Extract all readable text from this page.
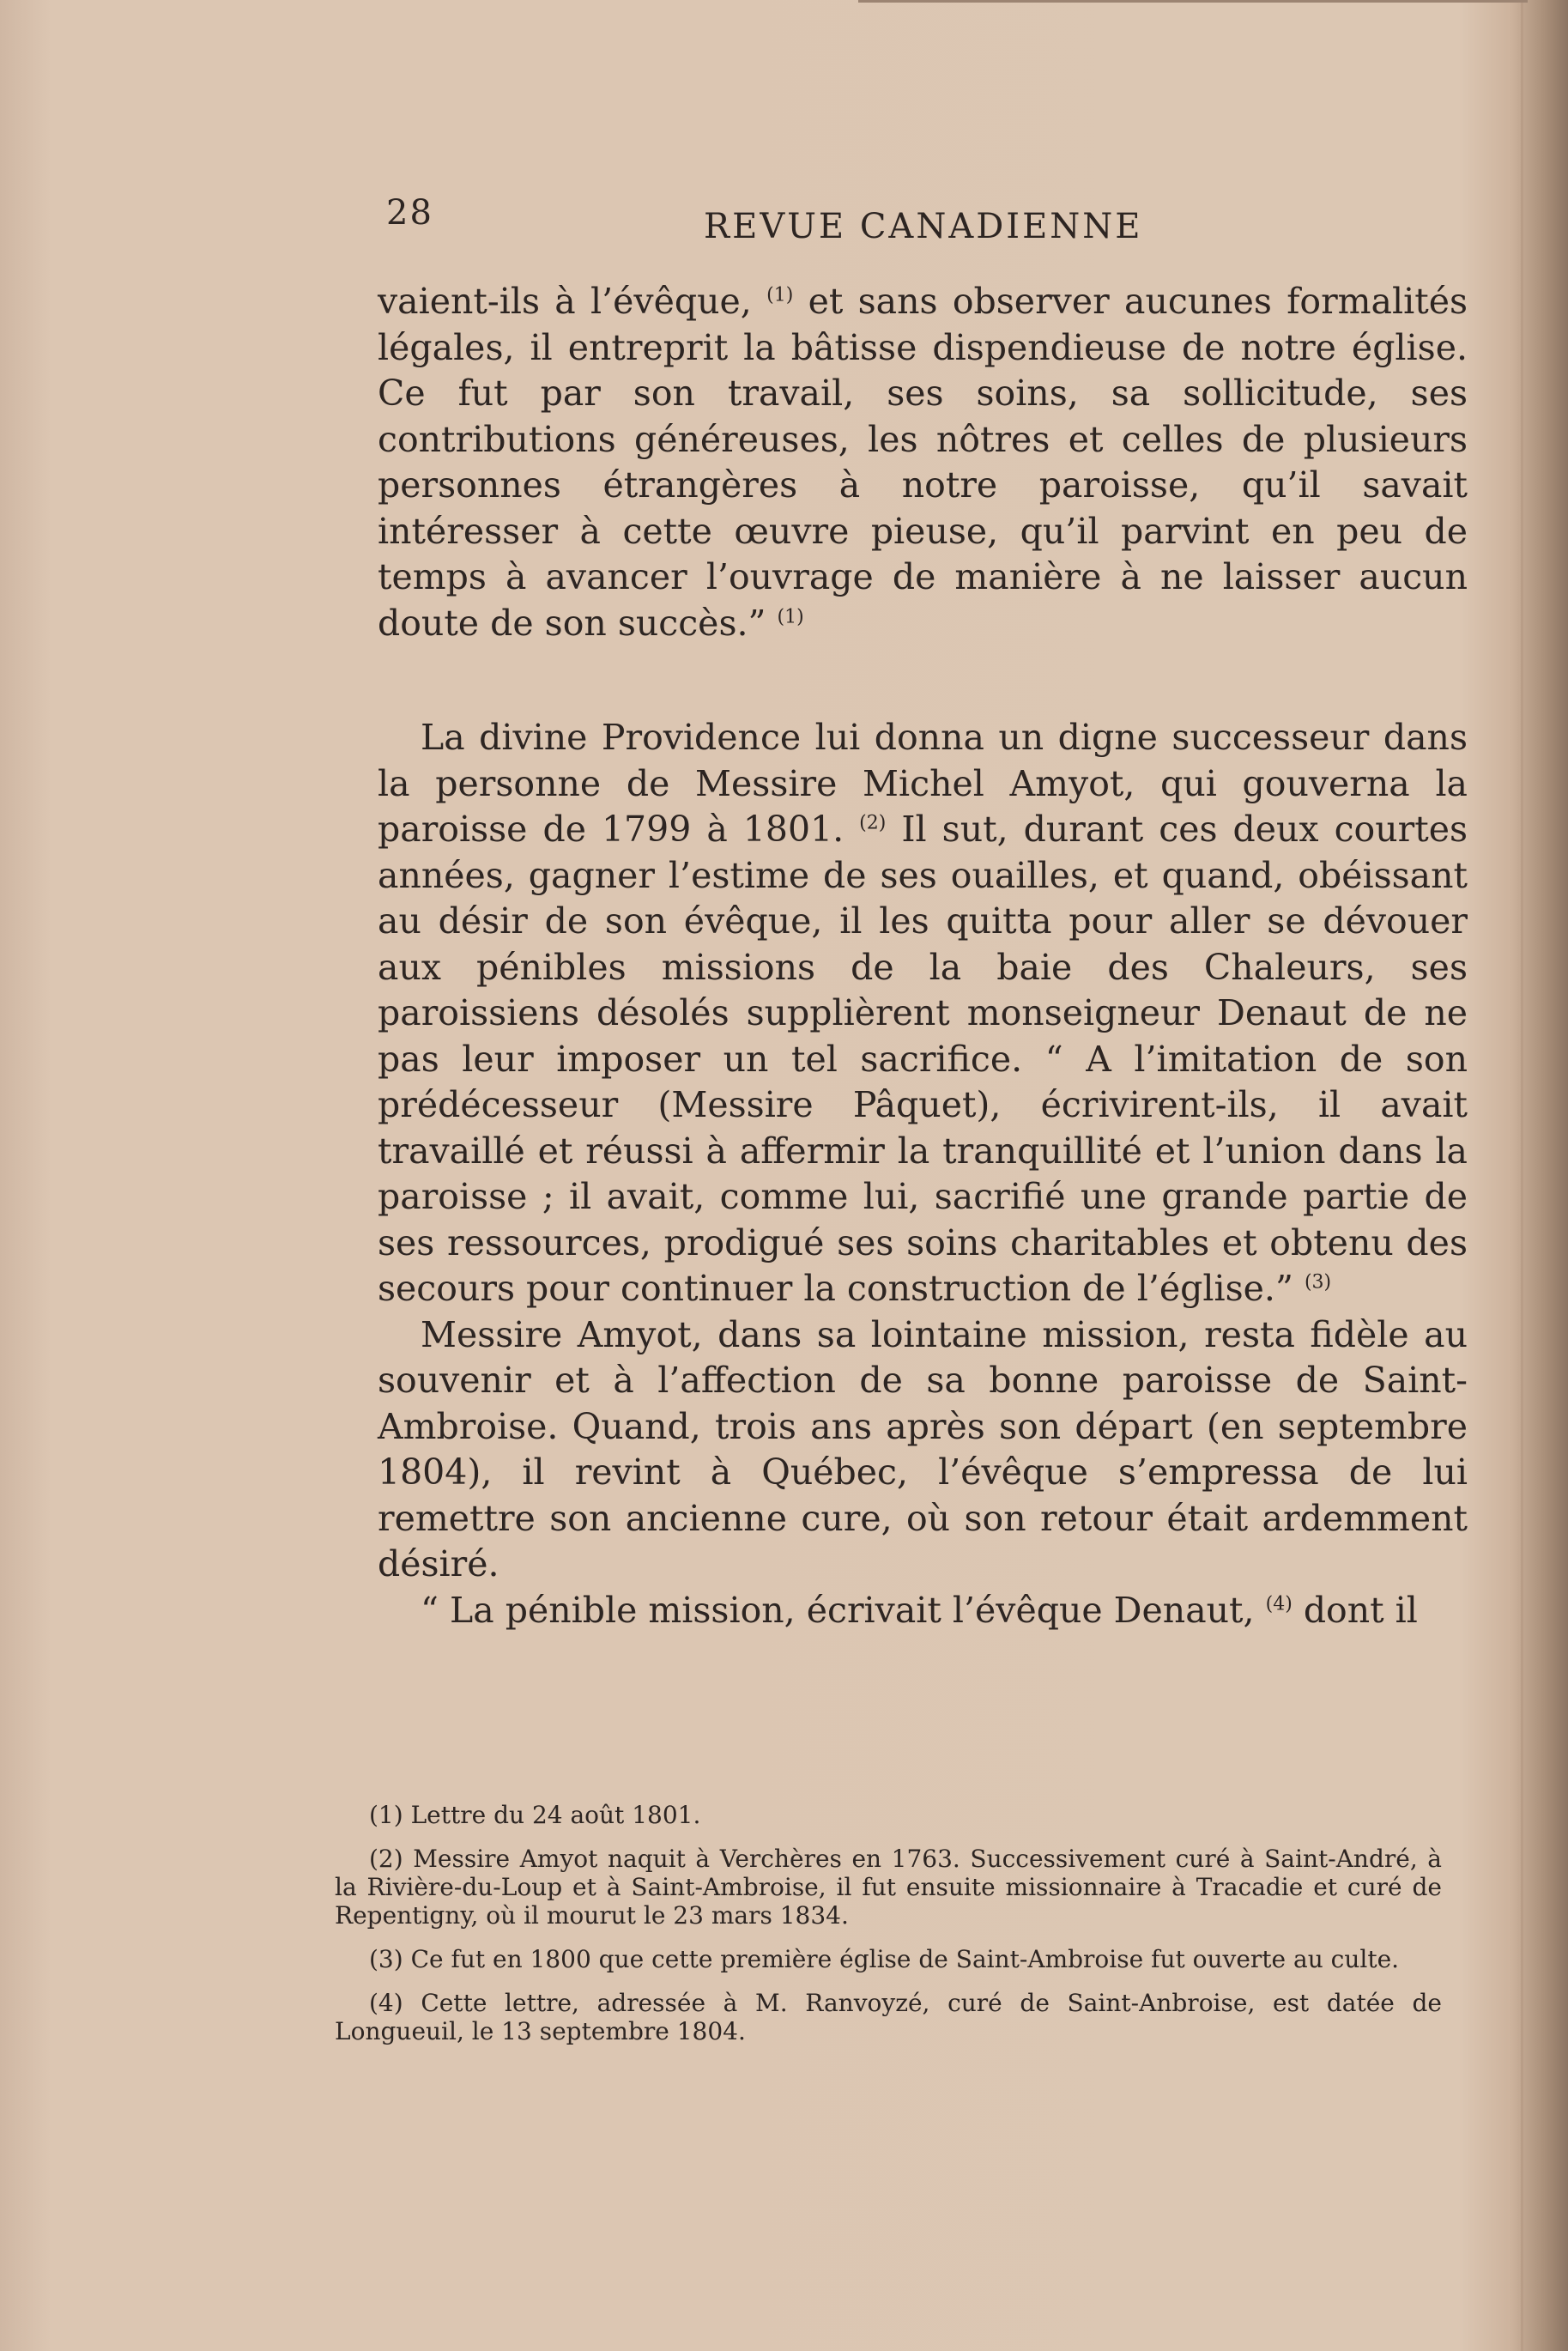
28	REVUE CANADIENNE

vaient-ils à l’évêque, $^{(1)}$ et sans observer aucunes formalités légales, il entreprit la bâtisse dispendieuse de notre église. Ce fut par son travail, ses soins, sa sollicitude, ses contributions généreuses, les nôtres et celles de plusieurs personnes étrangères à notre paroisse, qu’il savait intéresser à cette œuvre pieuse, qu’il parvint en peu de temps à avancer l’ouvrage de manière à ne laisser aucun doute de son succès.” $^{(1)}$

La divine Providence lui donna un digne successeur dans la personne de Messire Michel Amyot, qui gouverna la paroisse de 1799 à 1801. $^{(2)}$ Il sut, durant ces deux courtes années, gagner l’estime de ses ouailles, et quand, obéissant au désir de son évêque, il les quitta pour aller se dévouer aux pénibles missions de la baie des Chaleurs, ses paroissiens désolés supplièrent monseigneur Denaut de ne pas leur imposer un tel sacrifice. “ A l’imitation de son prédécesseur (Messire Pâquet), écrivirent-ils, il avait travaillé et réussi à affermir la tranquillité et l’union dans la paroisse ; il avait, comme lui, sacrifié une grande partie de ses ressources, prodigué ses soins charitables et obtenu des secours pour continuer la construction de l’église.” $^{(3)}$

Messire Amyot, dans sa lointaine mission, resta fidèle au souvenir et à l’affection de sa bonne paroisse de Saint-Ambroise. Quand, trois ans après son départ (en septembre 1804), il revint à Québec, l’évêque s’empressa de lui remettre son ancienne cure, où son retour était ardemment désiré.

“ La pénible mission, écrivait l’évêque Denaut, $^{(4)}$ dont il

(1) Lettre du 24 août 1801.

(2) Messire Amyot naquit à Verchères en 1763. Successivement curé à Saint-André, à la Rivière-du-Loup et à Saint-Ambroise, il fut ensuite missionnaire à Tracadie et curé de Repentigny, où il mourut le 23 mars 1834.

(3) Ce fut en 1800 que cette première église de Saint-Ambroise fut ouverte au culte.

(4) Cette lettre, adressée à M. Ranvoyzé, curé de Saint-Anbroise, est datée de Longueuil, le 13 septembre 1804.
